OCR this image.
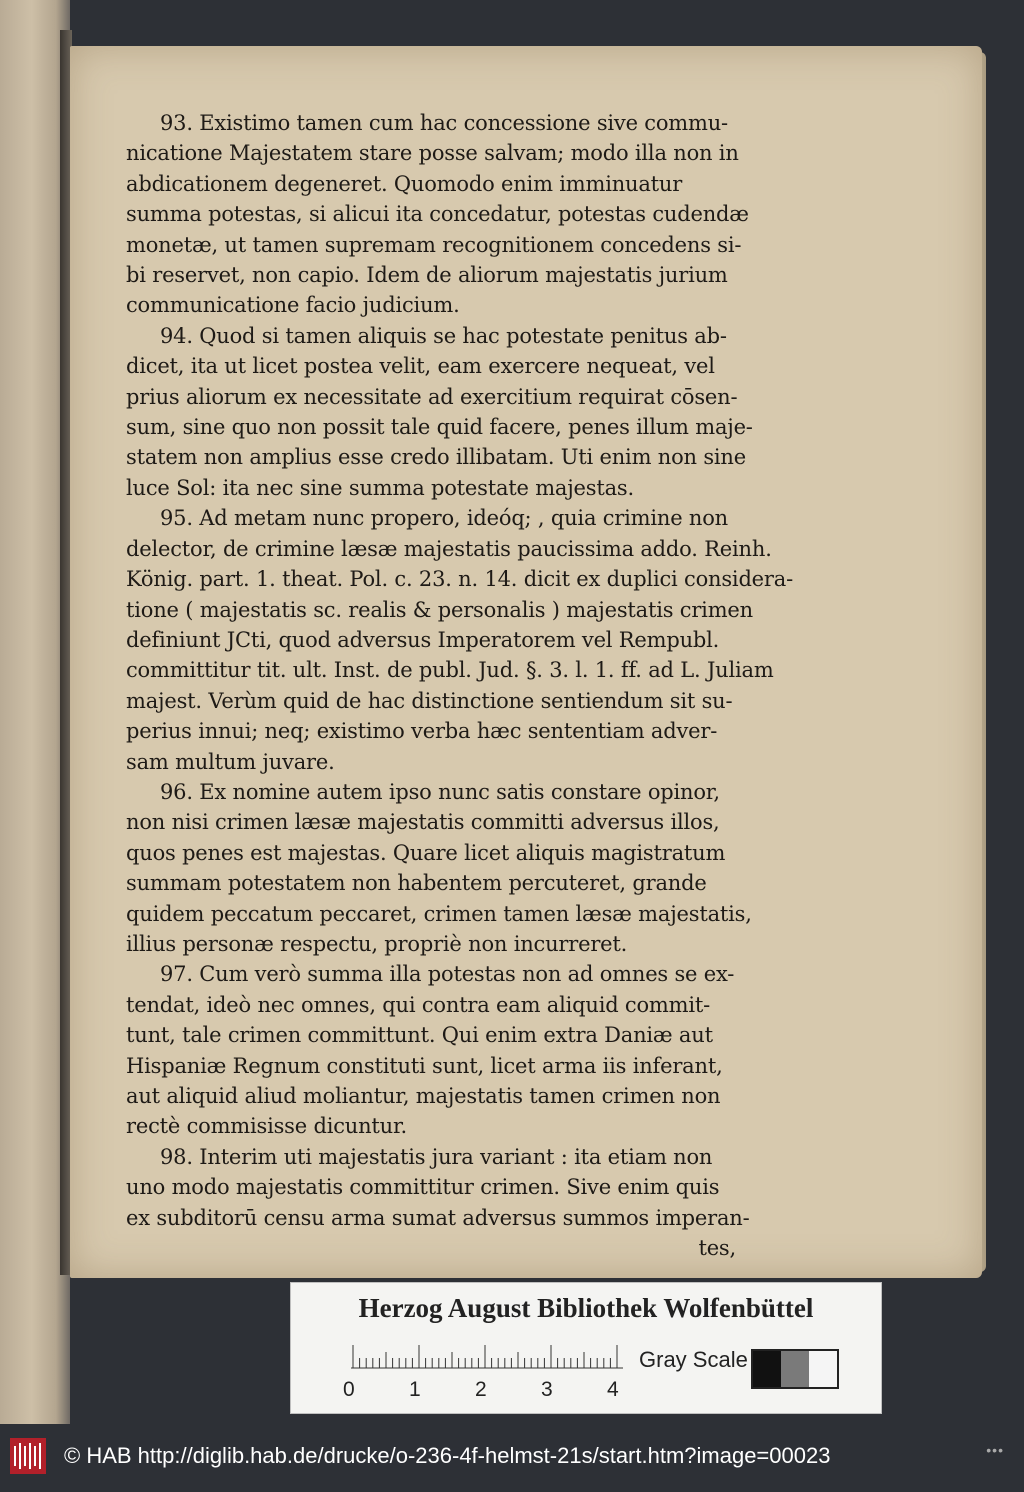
93. Existimo tamen cum hac concessione sive commu-
nicatione Majestatem stare posse salvam; modo illa non in
abdicationem degeneret. Quomodo enim imminuatur
summa potestas, si alicui ita concedatur, potestas cudendæ
monetæ, ut tamen supremam recognitionem concedens si-
bi reservet, non capio. Idem de aliorum majestatis jurium
communicatione facio judicium.
94. Quod si tamen aliquis se hac potestate penitus ab-
dicet, ita ut licet postea velit, eam exercere nequeat, vel
prius aliorum ex necessitate ad exercitium requirat cōsen-
sum, sine quo non possit tale quid facere, penes illum maje-
statem non amplius esse credo illibatam. Uti enim non sine
luce Sol: ita nec sine summa potestate majestas.
95. Ad metam nunc propero, ideóq; , quia crimine non
delector, de crimine læsæ majestatis paucissima addo. Reinh.
König. part. 1. theat. Pol. c. 23. n. 14. dicit ex duplici considera-
tione ( majestatis sc. realis & personalis ) majestatis crimen
definiunt JCti, quod adversus Imperatorem vel Rempubl.
committitur tit. ult. Inst. de publ. Jud. §. 3. l. 1. ff. ad L. Juliam
majest. Verùm quid de hac distinctione sentiendum sit su-
perius innui; neq; existimo verba hæc sententiam adver-
sam multum juvare.
96. Ex nomine autem ipso nunc satis constare opinor,
non nisi crimen læsæ majestatis committi adversus illos,
quos penes est majestas. Quare licet aliquis magistratum
summam potestatem non habentem percuteret, grande
quidem peccatum peccaret, crimen tamen læsæ majestatis,
illius personæ respectu, propriè non incurreret.
97. Cum verò summa illa potestas non ad omnes se ex-
tendat, ideò nec omnes, qui contra eam aliquid commit-
tunt, tale crimen committunt. Qui enim extra Daniæ aut
Hispaniæ Regnum constituti sunt, licet arma iis inferant,
aut aliquid aliud moliantur, majestatis tamen crimen non
rectè commisisse dicuntur.
98. Interim uti majestatis jura variant : ita etiam non
uno modo majestatis committitur crimen. Sive enim quis
ex subditorū censu arma sumat adversus summos imperan-
tes,
Herzog August Bibliothek Wolfenbüttel
0	1	2	3	4
Gray Scale
© HAB http://diglib.hab.de/drucke/o-236-4f-helmst-21s/start.htm?image=00023	•••
